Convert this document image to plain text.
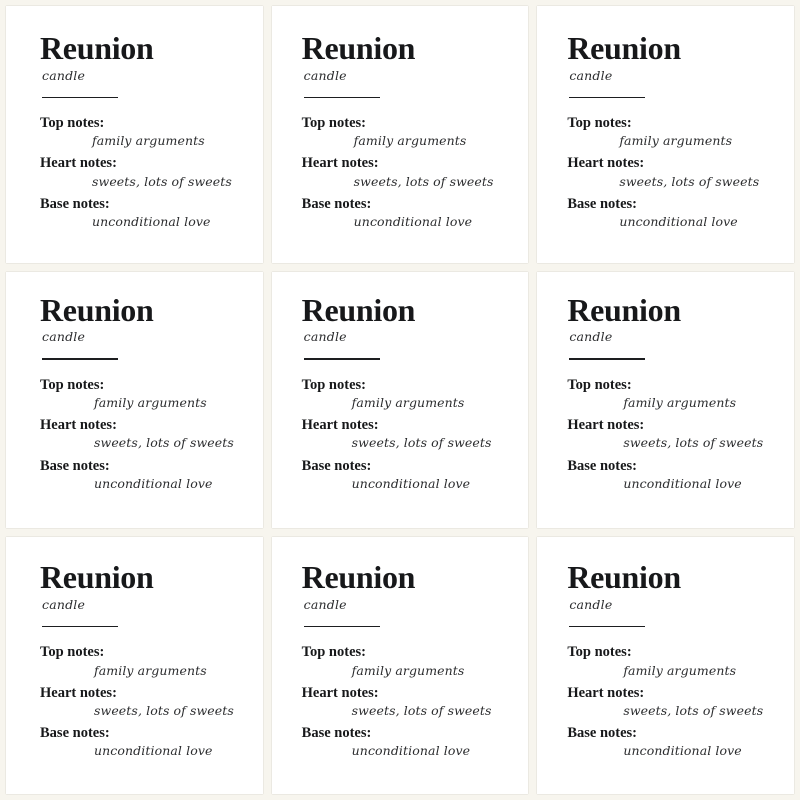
Reunion
candle
Top notes:
family arguments
Heart notes:
sweets, lots of sweets
Base notes:
unconditional love
Reunion
candle
Top notes:
family arguments
Heart notes:
sweets, lots of sweets
Base notes:
unconditional love
Reunion
candle
Top notes:
family arguments
Heart notes:
sweets, lots of sweets
Base notes:
unconditional love
Reunion
candle
Top notes:
family arguments
Heart notes:
sweets, lots of sweets
Base notes:
unconditional love
Reunion
candle
Top notes:
family arguments
Heart notes:
sweets, lots of sweets
Base notes:
unconditional love
Reunion
candle
Top notes:
family arguments
Heart notes:
sweets, lots of sweets
Base notes:
unconditional love
Reunion
candle
Top notes:
family arguments
Heart notes:
sweets, lots of sweets
Base notes:
unconditional love
Reunion
candle
Top notes:
family arguments
Heart notes:
sweets, lots of sweets
Base notes:
unconditional love
Reunion
candle
Top notes:
family arguments
Heart notes:
sweets, lots of sweets
Base notes:
unconditional love
